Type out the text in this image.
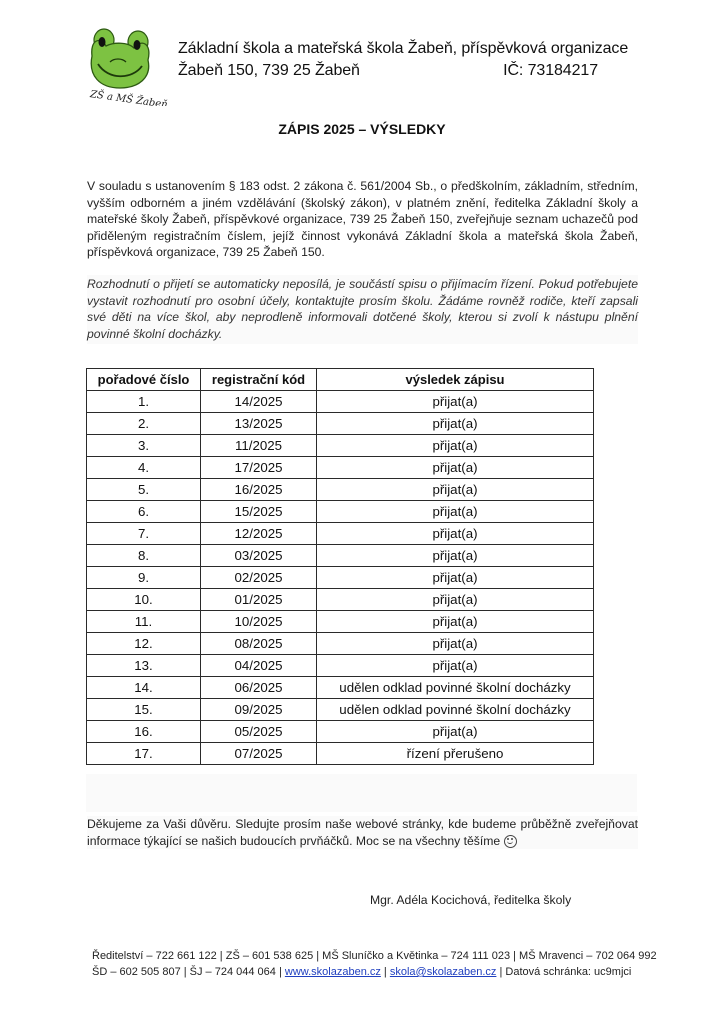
ZŠ a MŠ Žabeň
Základní škola a mateřská škola Žabeň, příspěvková organizace
Žabeň 150, 739 25 Žabeň	IČ: 73184217
ZÁPIS 2025 – VÝSLEDKY
V souladu s ustanovením § 183 odst. 2 zákona č. 561/2004 Sb., o předškolním, základním, středním, vyšším odborném a jiném vzdělávání (školský zákon), v platném znění, ředitelka Základní školy a mateřské školy Žabeň, příspěvkové organizace, 739 25 Žabeň 150, zveřejňuje seznam uchazečů pod přiděleným registračním číslem, jejíž činnost vykonává Základní škola a mateřská škola Žabeň, příspěvková organizace, 739 25 Žabeň 150.
Rozhodnutí o přijetí se automaticky neposílá, je součástí spisu o přijímacím řízení. Pokud potřebujete vystavit rozhodnutí pro osobní účely, kontaktujte prosím školu. Žádáme rovněž rodiče, kteří zapsali své děti na více škol, aby neprodleně informovali dotčené školy, kterou si zvolí k nástupu plnění povinné školní docházky.
pořadové číslo	registrační kód	výsledek zápisu
1.	14/2025	přijat(a)
2.	13/2025	přijat(a)
3.	11/2025	přijat(a)
4.	17/2025	přijat(a)
5.	16/2025	přijat(a)
6.	15/2025	přijat(a)
7.	12/2025	přijat(a)
8.	03/2025	přijat(a)
9.	02/2025	přijat(a)
10.	01/2025	přijat(a)
11.	10/2025	přijat(a)
12.	08/2025	přijat(a)
13.	04/2025	přijat(a)
14.	06/2025	udělen odklad povinné školní docházky
15.	09/2025	udělen odklad povinné školní docházky
16.	05/2025	přijat(a)
17.	07/2025	řízení přerušeno
Děkujeme za Vaši důvěru. Sledujte prosím naše webové stránky, kde budeme průběžně zveřejňovat informace týkající se našich budoucích prvňáčků. Moc se na všechny těšíme
Mgr. Adéla Kocichová, ředitelka školy
Ředitelství – 722 661 122 | ZŠ – 601 538 625 | MŠ Sluníčko a Květinka – 724 111 023 | MŠ Mravenci – 702 064 992
ŠD – 602 505 807 | ŠJ – 724 044 064 | www.skolazaben.cz | skola@skolazaben.cz | Datová schránka: uc9mjci
